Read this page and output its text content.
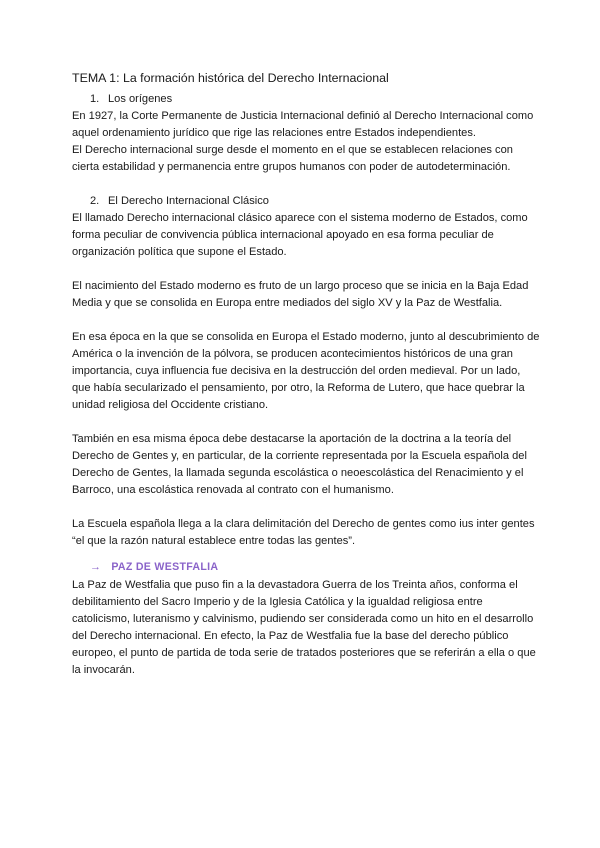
TEMA 1: La formación histórica del Derecho Internacional
1. Los orígenes

En 1927, la Corte Permanente de Justicia Internacional definió al Derecho Internacional como aquel ordenamiento jurídico que rige las relaciones entre Estados independientes.

El Derecho internacional surge desde el momento en el que se establecen relaciones con cierta estabilidad y permanencia entre grupos humanos con poder de autodeterminación.

2. El Derecho Internacional Clásico

El llamado Derecho internacional clásico aparece con el sistema moderno de Estados, como forma peculiar de convivencia pública internacional apoyado en esa forma peculiar de organización política que supone el Estado.

El nacimiento del Estado moderno es fruto de un largo proceso que se inicia en la Baja Edad Media y que se consolida en Europa entre mediados del siglo XV y la Paz de Westfalia.

En esa época en la que se consolida en Europa el Estado moderno, junto al descubrimiento de América o la invención de la pólvora, se producen acontecimientos históricos de una gran importancia, cuya influencia fue decisiva en la destrucción del orden medieval. Por un lado, que había secularizado el pensamiento, por otro, la Reforma de Lutero, que hace quebrar la unidad religiosa del Occidente cristiano.

También en esa misma época debe destacarse la aportación de la doctrina a la teoría del Derecho de Gentes y, en particular, de la corriente representada por la Escuela española del Derecho de Gentes, la llamada segunda escolástica o neoescolástica del Renacimiento y el Barroco, una escolástica renovada al contrato con el humanismo.

La Escuela española llega a la clara delimitación del Derecho de gentes como ius inter gentes “el que la razón natural establece entre todas las gentes”.

→ PAZ DE WESTFALIA

La Paz de Westfalia que puso fin a la devastadora Guerra de los Treinta años, conforma el debilitamiento del Sacro Imperio y de la Iglesia Católica y la igualdad religiosa entre catolicismo, luteranismo y calvinismo, pudiendo ser considerada como un hito en el desarrollo del Derecho internacional. En efecto, la Paz de Westfalia fue la base del derecho público europeo, el punto de partida de toda serie de tratados posteriores que se referirán a ella o que la invocarán.
